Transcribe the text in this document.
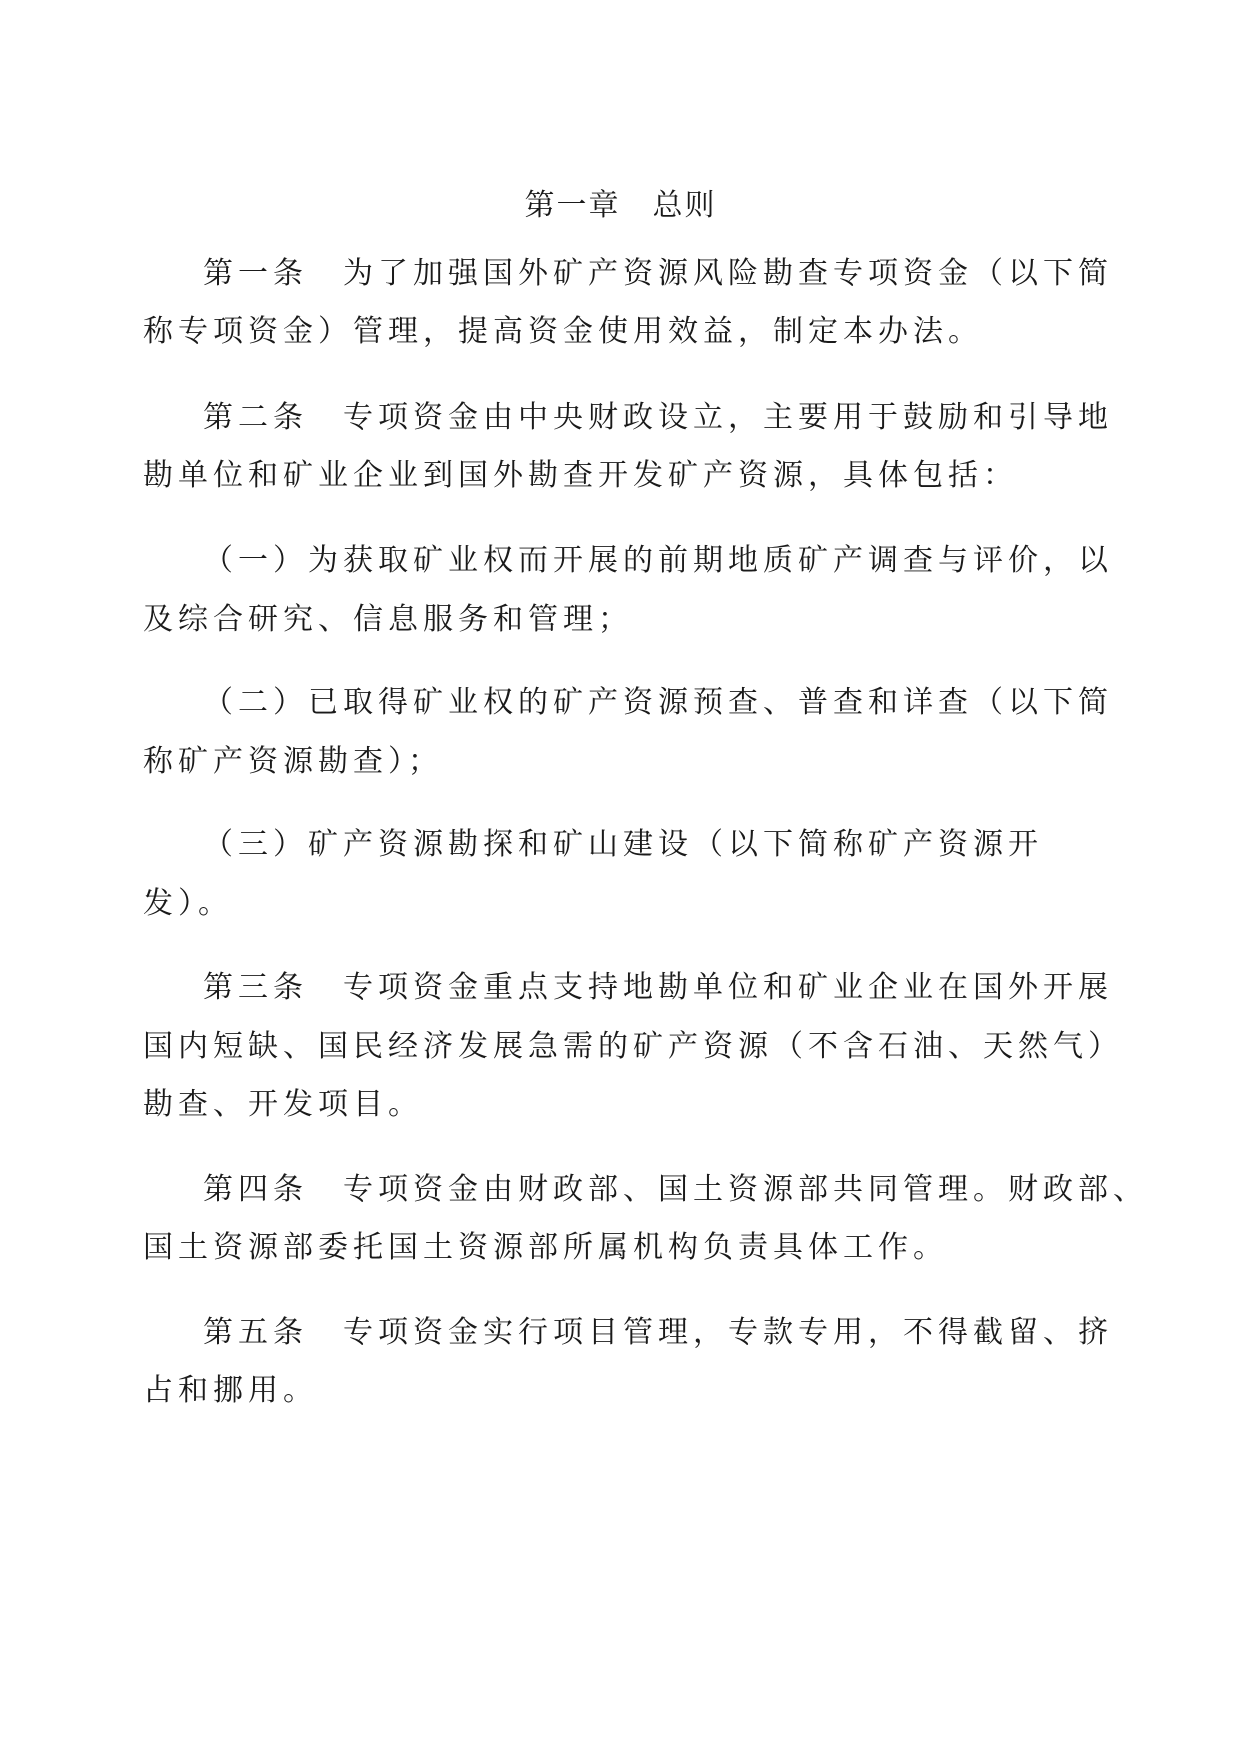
第一章　总则
第一条　为了加强国外矿产资源风险勘查专项资金（以下简
称专项资金）管理，提高资金使用效益，制定本办法。
第二条　专项资金由中央财政设立，主要用于鼓励和引导地
勘单位和矿业企业到国外勘查开发矿产资源，具体包括：
（一）为获取矿业权而开展的前期地质矿产调查与评价，以
及综合研究、信息服务和管理；
（二）已取得矿业权的矿产资源预查、普查和详查（以下简
称矿产资源勘查）；
（三）矿产资源勘探和矿山建设（以下简称矿产资源开
发）。
第三条　专项资金重点支持地勘单位和矿业企业在国外开展
国内短缺、国民经济发展急需的矿产资源（不含石油、天然气）
勘查、开发项目。
第四条　专项资金由财政部、国土资源部共同管理。财政部、
国土资源部委托国土资源部所属机构负责具体工作。
第五条　专项资金实行项目管理，专款专用，不得截留、挤
占和挪用。
